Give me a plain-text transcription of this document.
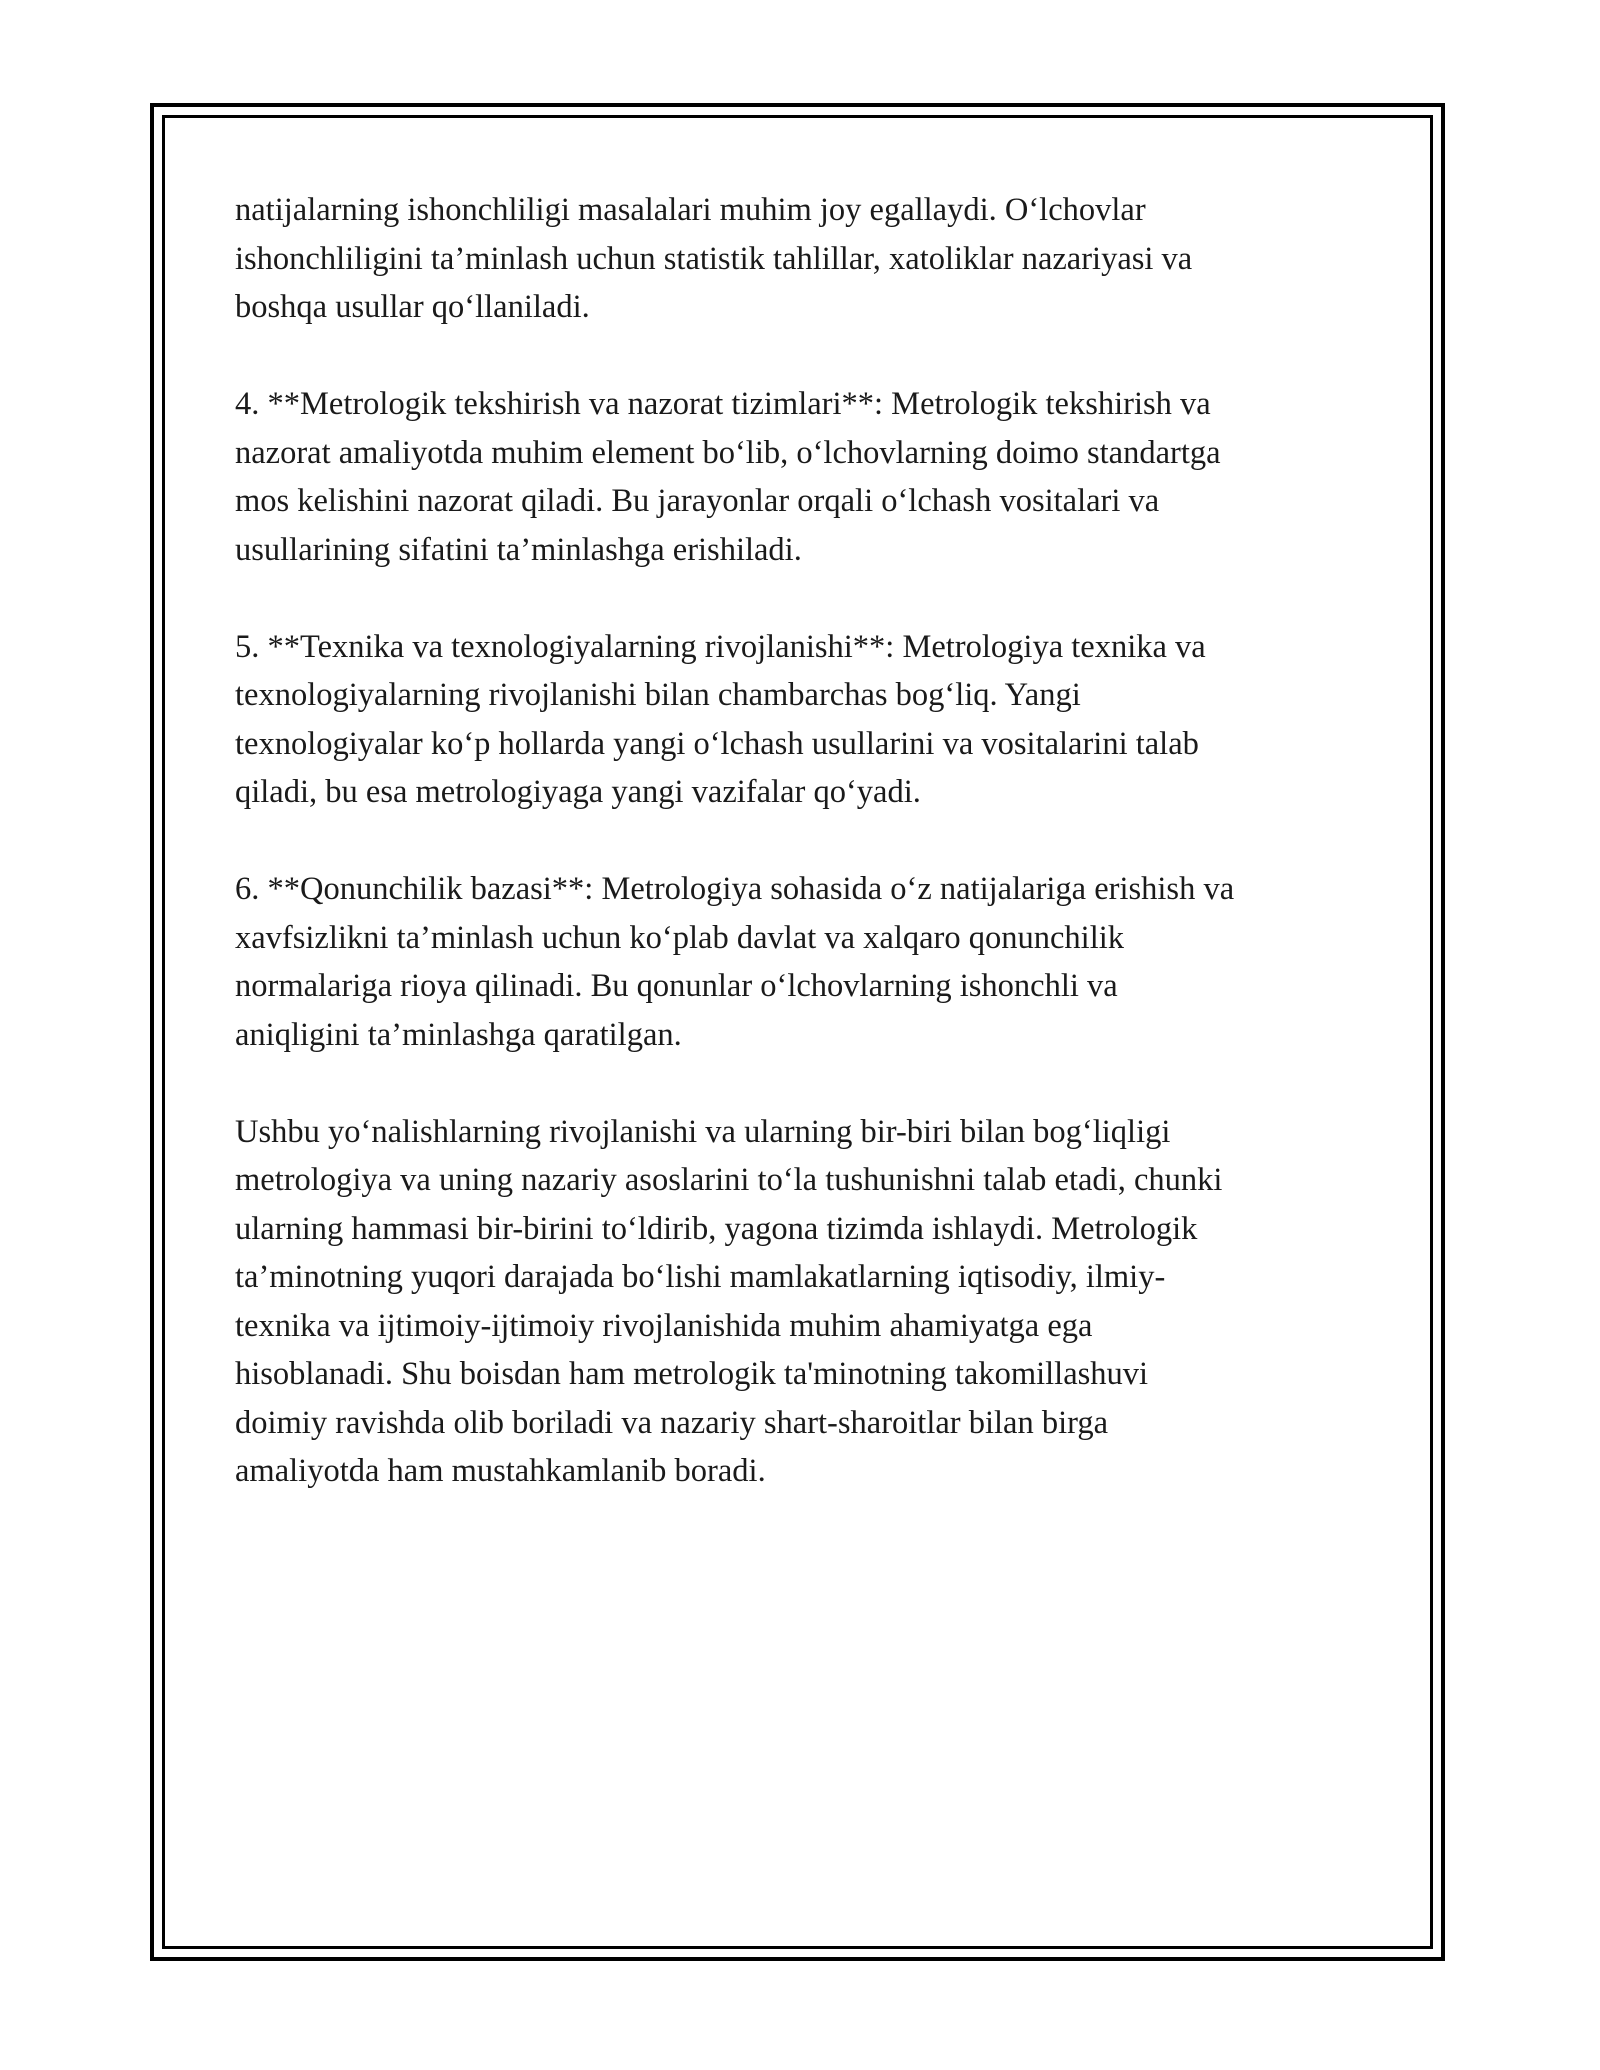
natijalarning ishonchliligi masalalari muhim joy egallaydi. O‘lchovlar
ishonchliligini ta’minlash uchun statistik tahlillar, xatoliklar nazariyasi va
boshqa usullar qo‘llaniladi.

4. **Metrologik tekshirish va nazorat tizimlari**: Metrologik tekshirish va
nazorat amaliyotda muhim element bo‘lib, o‘lchovlarning doimo standartga
mos kelishini nazorat qiladi. Bu jarayonlar orqali o‘lchash vositalari va
usullarining sifatini ta’minlashga erishiladi.

5. **Texnika va texnologiyalarning rivojlanishi**: Metrologiya texnika va
texnologiyalarning rivojlanishi bilan chambarchas bog‘liq. Yangi
texnologiyalar ko‘p hollarda yangi o‘lchash usullarini va vositalarini talab
qiladi, bu esa metrologiyaga yangi vazifalar qo‘yadi.

6. **Qonunchilik bazasi**: Metrologiya sohasida o‘z natijalariga erishish va
xavfsizlikni ta’minlash uchun ko‘plab davlat va xalqaro qonunchilik
normalariga rioya qilinadi. Bu qonunlar o‘lchovlarning ishonchli va
aniqligini ta’minlashga qaratilgan.

Ushbu yo‘nalishlarning rivojlanishi va ularning bir-biri bilan bog‘liqligi
metrologiya va uning nazariy asoslarini to‘la tushunishni talab etadi, chunki
ularning hammasi bir-birini to‘ldirib, yagona tizimda ishlaydi. Metrologik
ta’minotning yuqori darajada bo‘lishi mamlakatlarning iqtisodiy, ilmiy-
texnika va ijtimoiy-ijtimoiy rivojlanishida muhim ahamiyatga ega
hisoblanadi. Shu boisdan ham metrologik ta'minotning takomillashuvi
doimiy ravishda olib boriladi va nazariy shart-sharoitlar bilan birga
amaliyotda ham mustahkamlanib boradi.
